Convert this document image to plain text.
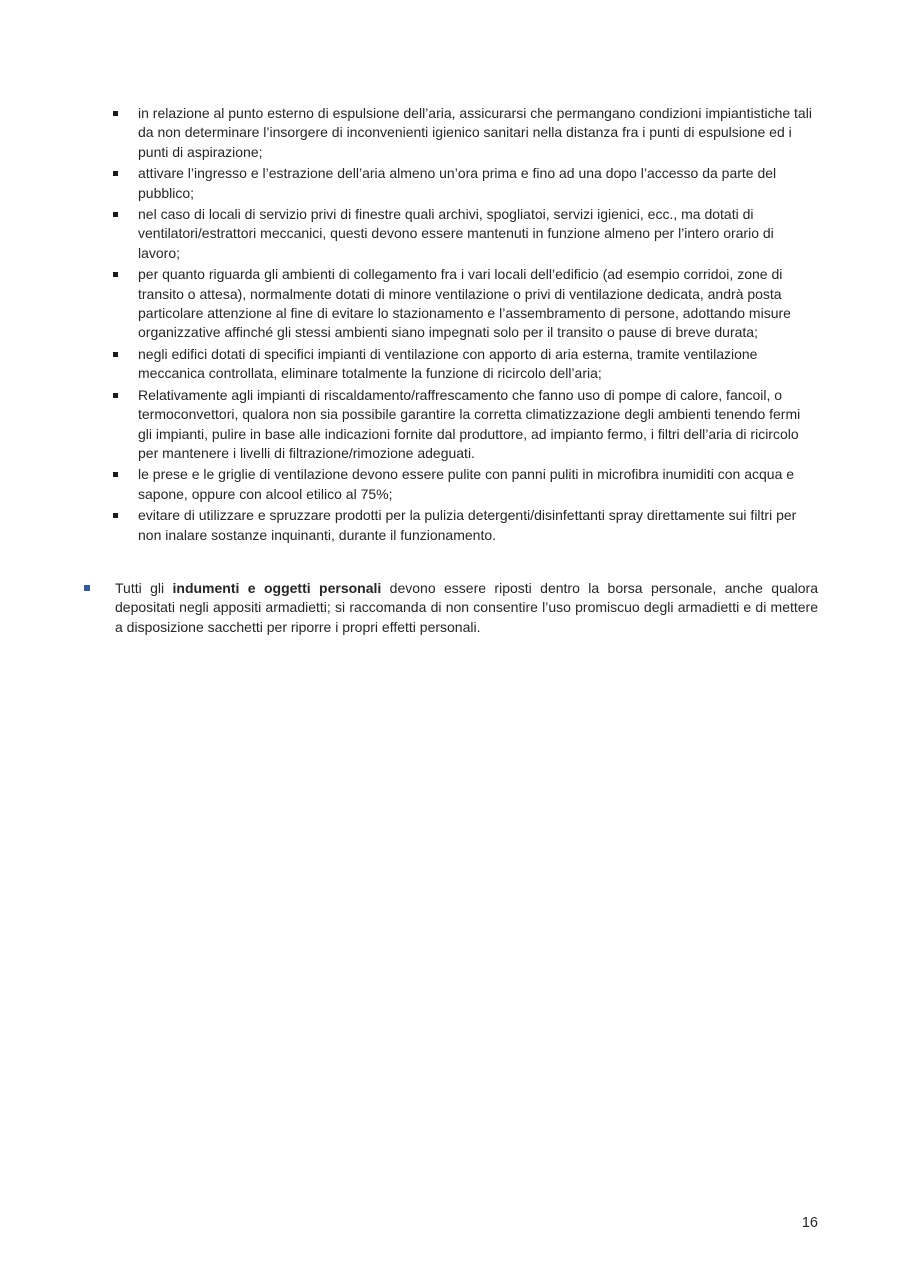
in relazione al punto esterno di espulsione dell’aria, assicurarsi che permangano condizioni impiantistiche tali da non determinare l’insorgere di inconvenienti igienico sanitari nella distanza fra i punti di espulsione ed i punti di aspirazione;
attivare l’ingresso e l’estrazione dell’aria almeno un’ora prima e fino ad una dopo l’accesso da parte del pubblico;
nel caso di locali di servizio privi di finestre quali archivi, spogliatoi, servizi igienici, ecc., ma dotati di ventilatori/estrattori meccanici, questi devono essere mantenuti in funzione almeno per l’intero orario di lavoro;
per quanto riguarda gli ambienti di collegamento fra i vari locali dell’edificio (ad esempio corridoi, zone di transito o attesa), normalmente dotati di minore ventilazione o privi di ventilazione dedicata, andrà posta particolare attenzione al fine di evitare lo stazionamento e l’assembramento di persone, adottando misure organizzative affinché gli stessi ambienti siano impegnati solo per il transito o pause di breve durata;
negli edifici dotati di specifici impianti di ventilazione con apporto di aria esterna, tramite ventilazione meccanica controllata, eliminare totalmente la funzione di ricircolo dell’aria;
Relativamente agli impianti di riscaldamento/raffrescamento che fanno uso di pompe di calore, fancoil, o termoconvettori, qualora non sia possibile garantire la corretta climatizzazione degli ambienti tenendo fermi gli impianti, pulire in base alle indicazioni fornite dal produttore, ad impianto fermo, i filtri dell’aria di ricircolo per mantenere i livelli di filtrazione/rimozione adeguati.
le prese e le griglie di ventilazione devono essere pulite con panni puliti in microfibra inumiditi con acqua e sapone, oppure con alcool etilico al 75%;
evitare di utilizzare e spruzzare prodotti per la pulizia detergenti/disinfettanti spray direttamente sui filtri per non inalare sostanze inquinanti, durante il funzionamento.
Tutti gli indumenti e oggetti personali devono essere riposti dentro la borsa personale, anche qualora depositati negli appositi armadietti; si raccomanda di non consentire l’uso promiscuo degli armadietti e di mettere a disposizione sacchetti per riporre i propri effetti personali.
16
